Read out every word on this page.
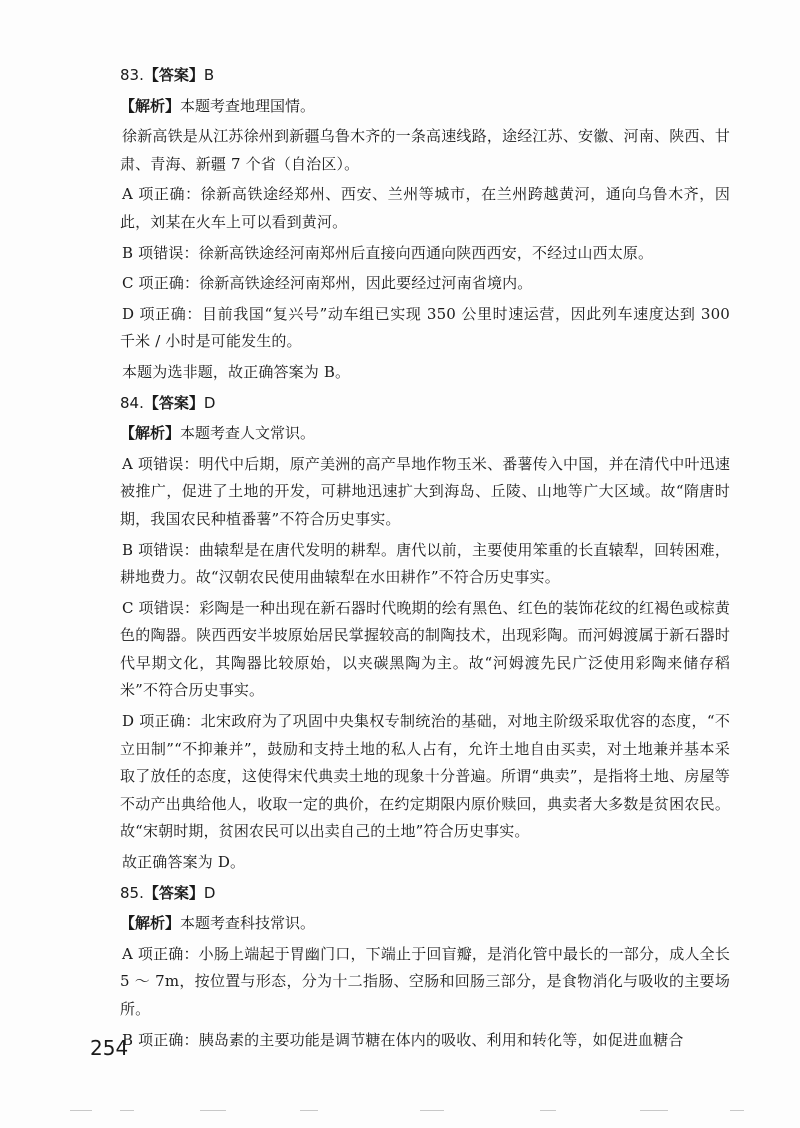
83.【答案】B

【解析】本题考查地理国情。

徐新高铁是从江苏徐州到新疆乌鲁木齐的一条高速线路，途经江苏、安徽、河南、陕西、甘肃、青海、新疆 7 个省（自治区）。

A 项正确：徐新高铁途经郑州、西安、兰州等城市，在兰州跨越黄河，通向乌鲁木齐，因此，刘某在火车上可以看到黄河。

B 项错误：徐新高铁途经河南郑州后直接向西通向陕西西安，不经过山西太原。

C 项正确：徐新高铁途经河南郑州，因此要经过河南省境内。

D 项正确：目前我国“复兴号”动车组已实现 350 公里时速运营，因此列车速度达到 300 千米 / 小时是可能发生的。

本题为选非题，故正确答案为 B。

84.【答案】D

【解析】本题考查人文常识。

A 项错误：明代中后期，原产美洲的高产旱地作物玉米、番薯传入中国，并在清代中叶迅速被推广，促进了土地的开发，可耕地迅速扩大到海岛、丘陵、山地等广大区域。故“隋唐时期，我国农民种植番薯”不符合历史事实。

B 项错误：曲辕犁是在唐代发明的耕犁。唐代以前，主要使用笨重的长直辕犁，回转困难，耕地费力。故“汉朝农民使用曲辕犁在水田耕作”不符合历史事实。

C 项错误：彩陶是一种出现在新石器时代晚期的绘有黑色、红色的装饰花纹的红褐色或棕黄色的陶器。陕西西安半坡原始居民掌握较高的制陶技术，出现彩陶。而河姆渡属于新石器时代早期文化，其陶器比较原始，以夹碳黑陶为主。故“河姆渡先民广泛使用彩陶来储存稻米”不符合历史事实。

D 项正确：北宋政府为了巩固中央集权专制统治的基础，对地主阶级采取优容的态度，“不立田制”“不抑兼并”，鼓励和支持土地的私人占有，允许土地自由买卖，对土地兼并基本采取了放任的态度，这使得宋代典卖土地的现象十分普遍。所谓“典卖”，是指将土地、房屋等不动产出典给他人，收取一定的典价，在约定期限内原价赎回，典卖者大多数是贫困农民。故“宋朝时期，贫困农民可以出卖自己的土地”符合历史事实。

故正确答案为 D。

85.【答案】D

【解析】本题考查科技常识。

A 项正确：小肠上端起于胃幽门口，下端止于回盲瓣，是消化管中最长的一部分，成人全长 5 ～ 7m，按位置与形态，分为十二指肠、空肠和回肠三部分，是食物消化与吸收的主要场所。

B 项正确：胰岛素的主要功能是调节糖在体内的吸收、利用和转化等，如促进血糖合

254
